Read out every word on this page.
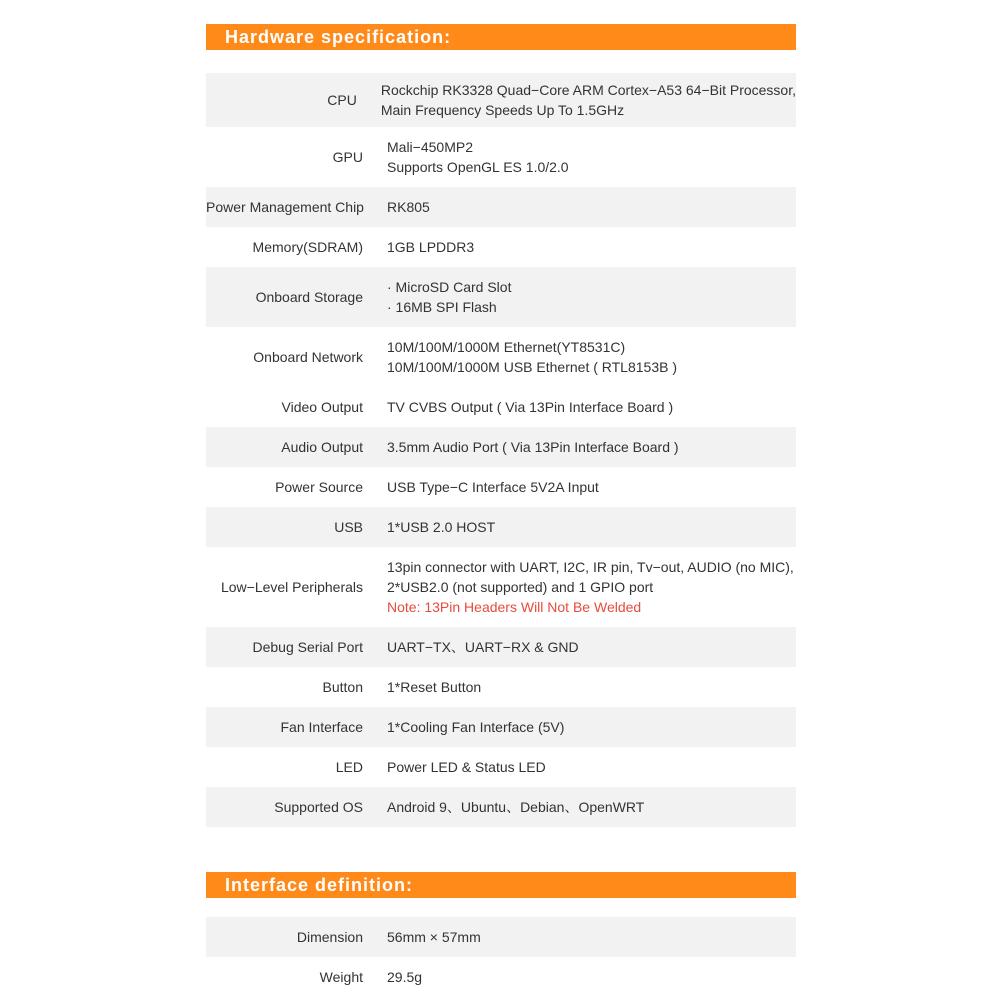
Hardware specification:
CPU
Rockchip RK3328 Quad−Core ARM Cortex−A53 64−Bit Processor,
Main Frequency Speeds Up To 1.5GHz
GPU
Mali−450MP2
Supports OpenGL ES 1.0/2.0
Power Management Chip RK805
Memory(SDRAM) 1GB LPDDR3
Onboard Storage
· MicroSD Card Slot
· 16MB SPI Flash
Onboard Network
10M/100M/1000M Ethernet(YT8531C)
10M/100M/1000M USB Ethernet ( RTL8153B )
Video Output TV CVBS Output ( Via 13Pin Interface Board )
Audio Output 3.5mm Audio Port ( Via 13Pin Interface Board )
Power Source USB Type−C Interface 5V2A Input
USB 1*USB 2.0 HOST
Low−Level Peripherals
13pin connector with UART, I2C, IR pin, Tv−out, AUDIO (no MIC),
2*USB2.0 (not supported) and 1 GPIO port
Note: 13Pin Headers Will Not Be Welded
Debug Serial Port UART−TX、UART−RX & GND
Button 1*Reset Button
Fan Interface 1*Cooling Fan Interface (5V)
LED Power LED & Status LED
Supported OS Android 9、Ubuntu、Debian、OpenWRT
Interface definition:
Dimension 56mm × 57mm
Weight 29.5g
